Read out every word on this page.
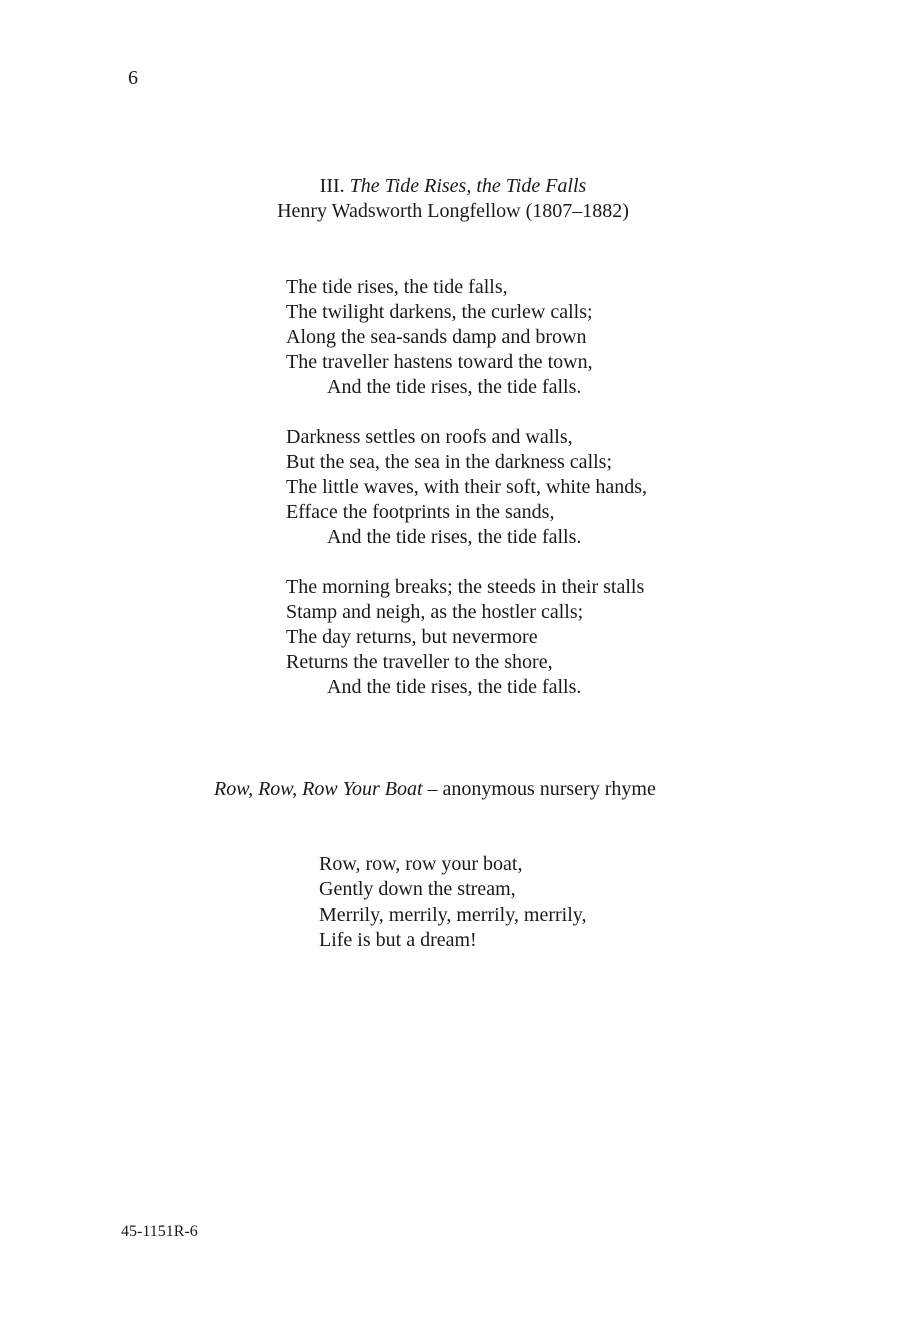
6
III. The Tide Rises, the Tide Falls
Henry Wadsworth Longfellow (1807–1882)
The tide rises, the tide falls,
The twilight darkens, the curlew calls;
Along the sea-sands damp and brown
The traveller hastens toward the town,
And the tide rises, the tide falls.
Darkness settles on roofs and walls,
But the sea, the sea in the darkness calls;
The little waves, with their soft, white hands,
Efface the footprints in the sands,
And the tide rises, the tide falls.
The morning breaks; the steeds in their stalls
Stamp and neigh, as the hostler calls;
The day returns, but nevermore
Returns the traveller to the shore,
And the tide rises, the tide falls.
Row, Row, Row Your Boat – anonymous nursery rhyme
Row, row, row your boat,
Gently down the stream,
Merrily, merrily, merrily, merrily,
Life is but a dream!
45-1151R-6
